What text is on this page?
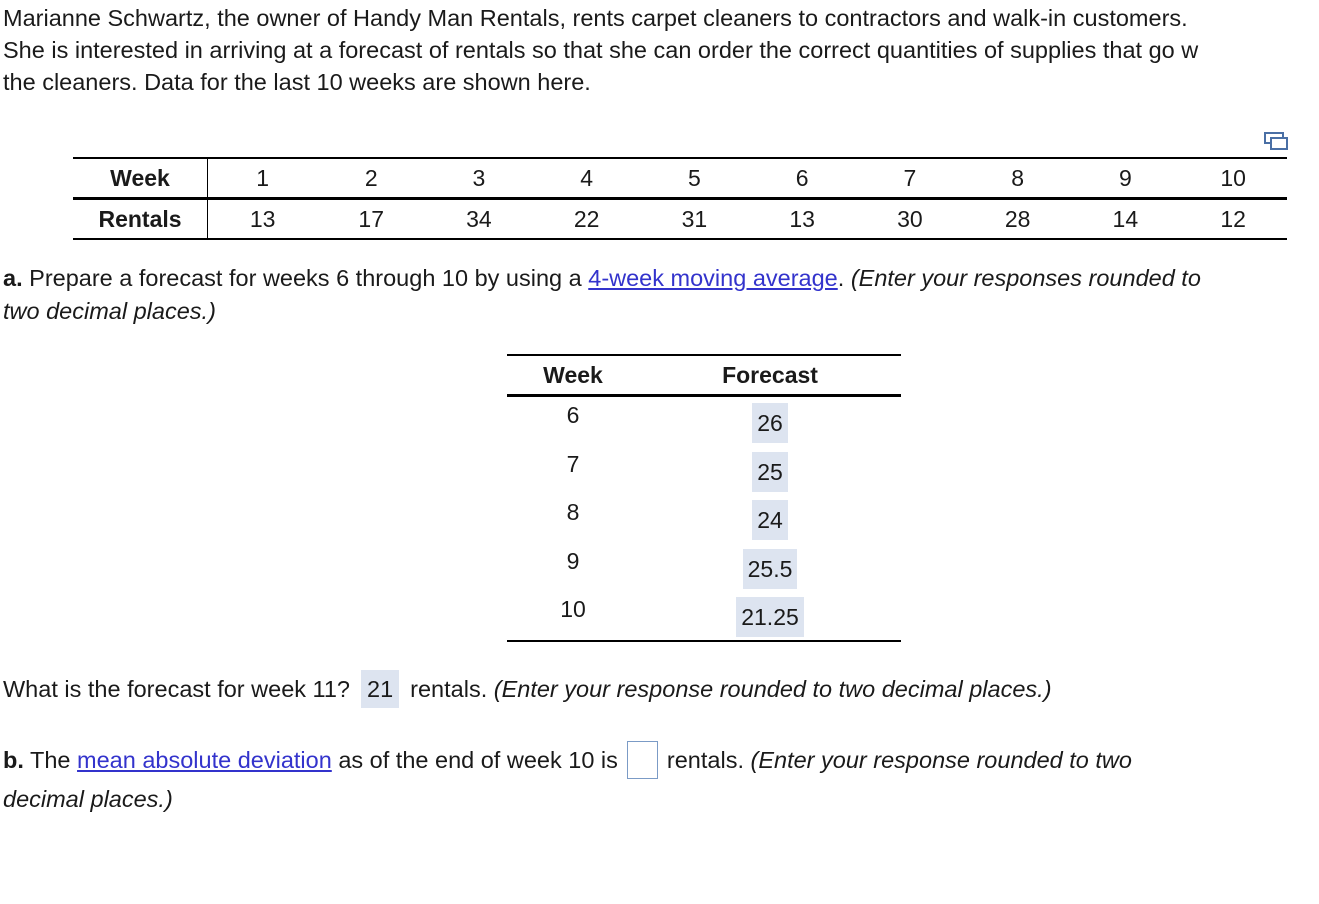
Marianne Schwartz, the owner of Handy Man Rentals, rents carpet cleaners to contractors and walk-in customers.
She is interested in arriving at a forecast of rentals so that she can order the correct quantities of supplies that go w
the cleaners. Data for the last 10 weeks are shown here.
Week	1	2	3	4	5	6	7	8	9	10
Rentals	13	17	34	22	31	13	30	28	14	12
a. Prepare a forecast for weeks 6 through 10 by using a 4-week moving average. (Enter your responses rounded to
two decimal places.)
Week	Forecast
6	26
7	25
8	24
9	25.5
10	21.25
What is the forecast for week 11? 21 rentals.
(Enter your response rounded to two decimal places.)
b. The mean absolute deviation as of the end of week 10 is rentals.
(Enter your response rounded to two
decimal places.)
